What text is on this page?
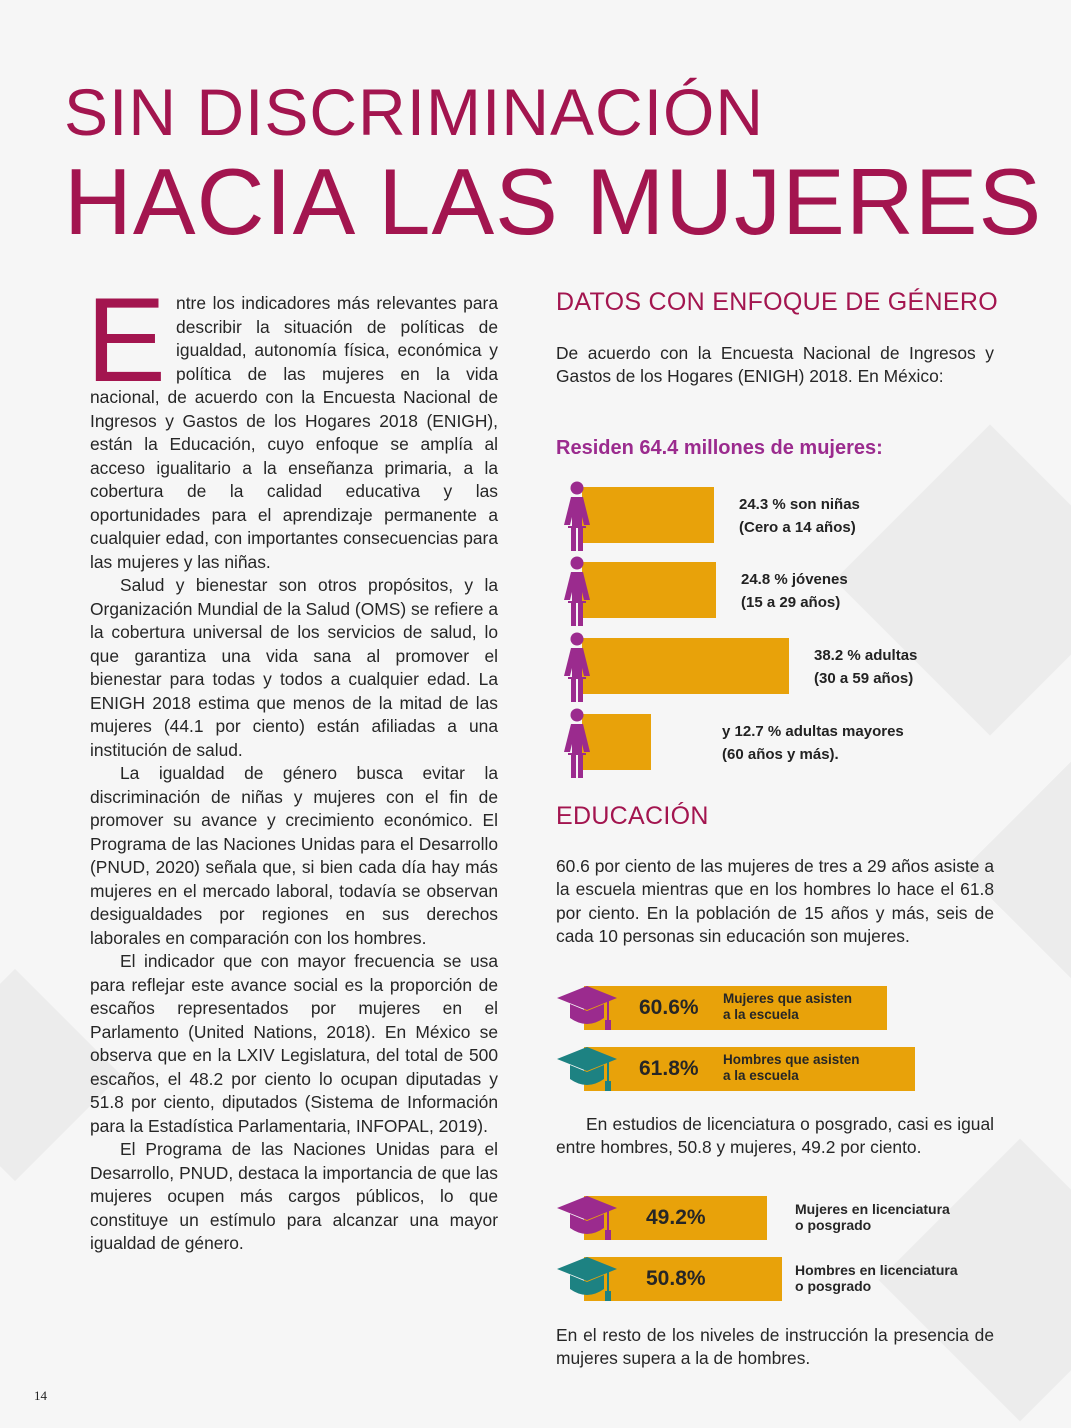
SIN DISCRIMINACIÓN
HACIA LAS MUJERES

Entre los indicadores más relevantes para describir la situación de políticas de igualdad, autonomía física, económica y política de las mujeres en la vida nacional, de acuerdo con la Encuesta Nacional de Ingresos y Gastos de los Hogares 2018 (ENIGH), están la Educación, cuyo enfoque se amplía al acceso igualitario a la enseñanza primaria, a la cobertura de la calidad educativa y las oportunidades para el aprendizaje permanente a cualquier edad, con importantes consecuencias para las mujeres y las niñas.

Salud y bienestar son otros propósitos, y la Organización Mundial de la Salud (OMS) se refiere a la cobertura universal de los servicios de salud, lo que garantiza una vida sana al promover el bienestar para todas y todos a cualquier edad. La ENIGH 2018 estima que menos de la mitad de las mujeres (44.1 por ciento) están afiliadas a una institución de salud.

La igualdad de género busca evitar la discriminación de niñas y mujeres con el fin de promover su avance y crecimiento económico. El Programa de las Naciones Unidas para el Desarrollo (PNUD, 2020) señala que, si bien cada día hay más mujeres en el mercado laboral, todavía se observan desigualdades por regiones en sus derechos laborales en comparación con los hombres.

El indicador que con mayor frecuencia se usa para reflejar este avance social es la proporción de escaños representados por mujeres en el Parlamento (United Nations, 2018). En México se observa que en la LXIV Legislatura, del total de 500 escaños, el 48.2 por ciento lo ocupan diputadas y 51.8 por ciento, diputados (Sistema de Información para la Estadística Parlamentaria, INFOPAL, 2019).

El Programa de las Naciones Unidas para el Desarrollo, PNUD, destaca la importancia de que las mujeres ocupen más cargos públicos, lo que constituye un estímulo para alcanzar una mayor igualdad de género.

DATOS CON ENFOQUE DE GÉNERO

De acuerdo con la Encuesta Nacional de Ingresos y Gastos de los Hogares (ENIGH) 2018. En México:

Residen 64.4 millones de mujeres:
24.3 % son niñas
(Cero a 14 años)
24.8 % jóvenes
(15 a 29 años)
38.2 % adultas
(30 a 59 años)
y 12.7 % adultas mayores
(60 años y más).
EDUCACIÓN

60.6 por ciento de las mujeres de tres a 29 años asiste a la escuela mientras que en los hombres lo hace el 61.8 por ciento. En la población de 15 años y más, seis de cada 10 personas sin educación son mujeres.

60.6% Mujeres que asisten
a la escuela
61.8% Hombres que asisten
a la escuela

En estudios de licenciatura o posgrado, casi es igual entre hombres, 50.8 y mujeres, 49.2 por ciento.

49.2%	Mujeres en licenciatura
o posgrado
50.8%	Hombres en licenciatura
o posgrado

En el resto de los niveles de instrucción la presencia de mujeres supera a la de hombres.

14
